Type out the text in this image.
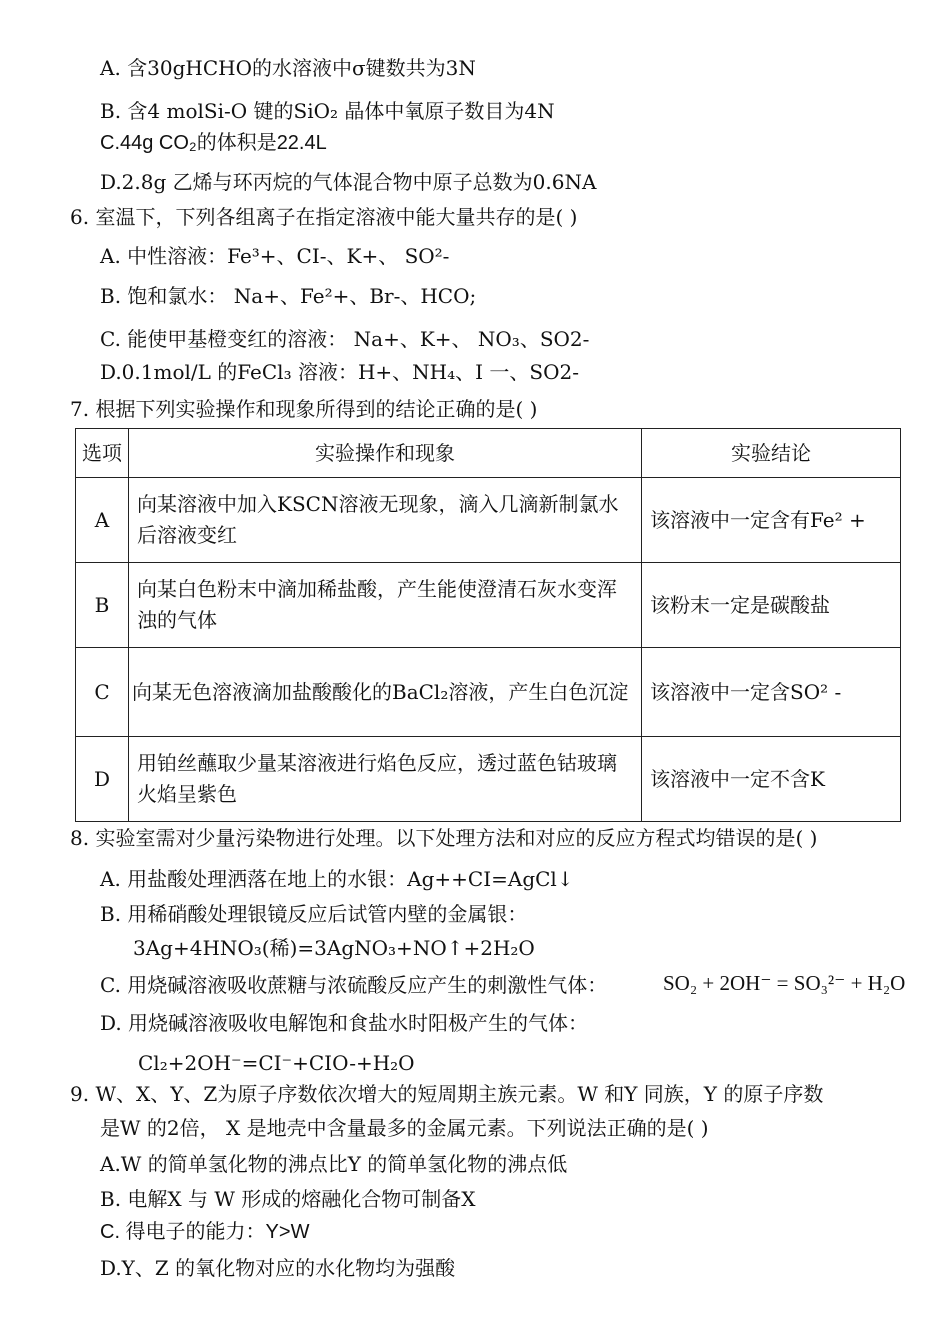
A. 含30gHCHO的水溶液中σ键数共为3N
B. 含4 molSi-O 键的SiO₂ 晶体中氧原子数目为4N
C.44g CO₂的体积是22.4L
D.2.8g 乙烯与环丙烷的气体混合物中原子总数为0.6NA
6. 室温下，下列各组离子在指定溶液中能大量共存的是( )
A. 中性溶液：Fe³+、CI-、K+、 SO²-
B. 饱和氯水： Na+、Fe²+、Br-、HCO;
C. 能使甲基橙变红的溶液： Na+、K+、 NO₃、SO2-
D.0.1mol/L 的FeCl₃ 溶液：H+、NH₄、I 一、SO2-
7. 根据下列实验操作和现象所得到的结论正确的是( )
选项	实验操作和现象	实验结论
A	向某溶液中加入KSCN溶液无现象，滴入几滴新制氯水后溶液变红	该溶液中一定含有Fe² +
B	向某白色粉末中滴加稀盐酸，产生能使澄清石灰水变浑浊的气体	该粉末一定是碳酸盐
C	向某无色溶液滴加盐酸酸化的BaCl₂溶液，产生白色沉淀	该溶液中一定含SO² -
D	用铂丝蘸取少量某溶液进行焰色反应，透过蓝色钴玻璃火焰呈紫色	该溶液中一定不含K
8. 实验室需对少量污染物进行处理。以下处理方法和对应的反应方程式均错误的是( )
A. 用盐酸处理洒落在地上的水银：Ag++CI=AgCl↓
B. 用稀硝酸处理银镜反应后试管内壁的金属银：
3Ag+4HNO₃(稀)=3AgNO₃+NO↑+2H₂O
C. 用烧碱溶液吸收蔗糖与浓硫酸反应产生的刺激性气体：	SO₂ + 2OH⁻ = SO₃²⁻ + H₂O
D. 用烧碱溶液吸收电解饱和食盐水时阳极产生的气体：
Cl₂+2OH⁻=CI⁻+CIO-+H₂O
9. W、X、Y、Z为原子序数依次增大的短周期主族元素。W 和Y 同族，Y 的原子序数
是W 的2倍， X 是地壳中含量最多的金属元素。下列说法正确的是( )
A.W 的简单氢化物的沸点比Y 的简单氢化物的沸点低
B. 电解X 与 W 形成的熔融化合物可制备X
C. 得电子的能力：Y>W
D.Y、Z 的氧化物对应的水化物均为强酸
